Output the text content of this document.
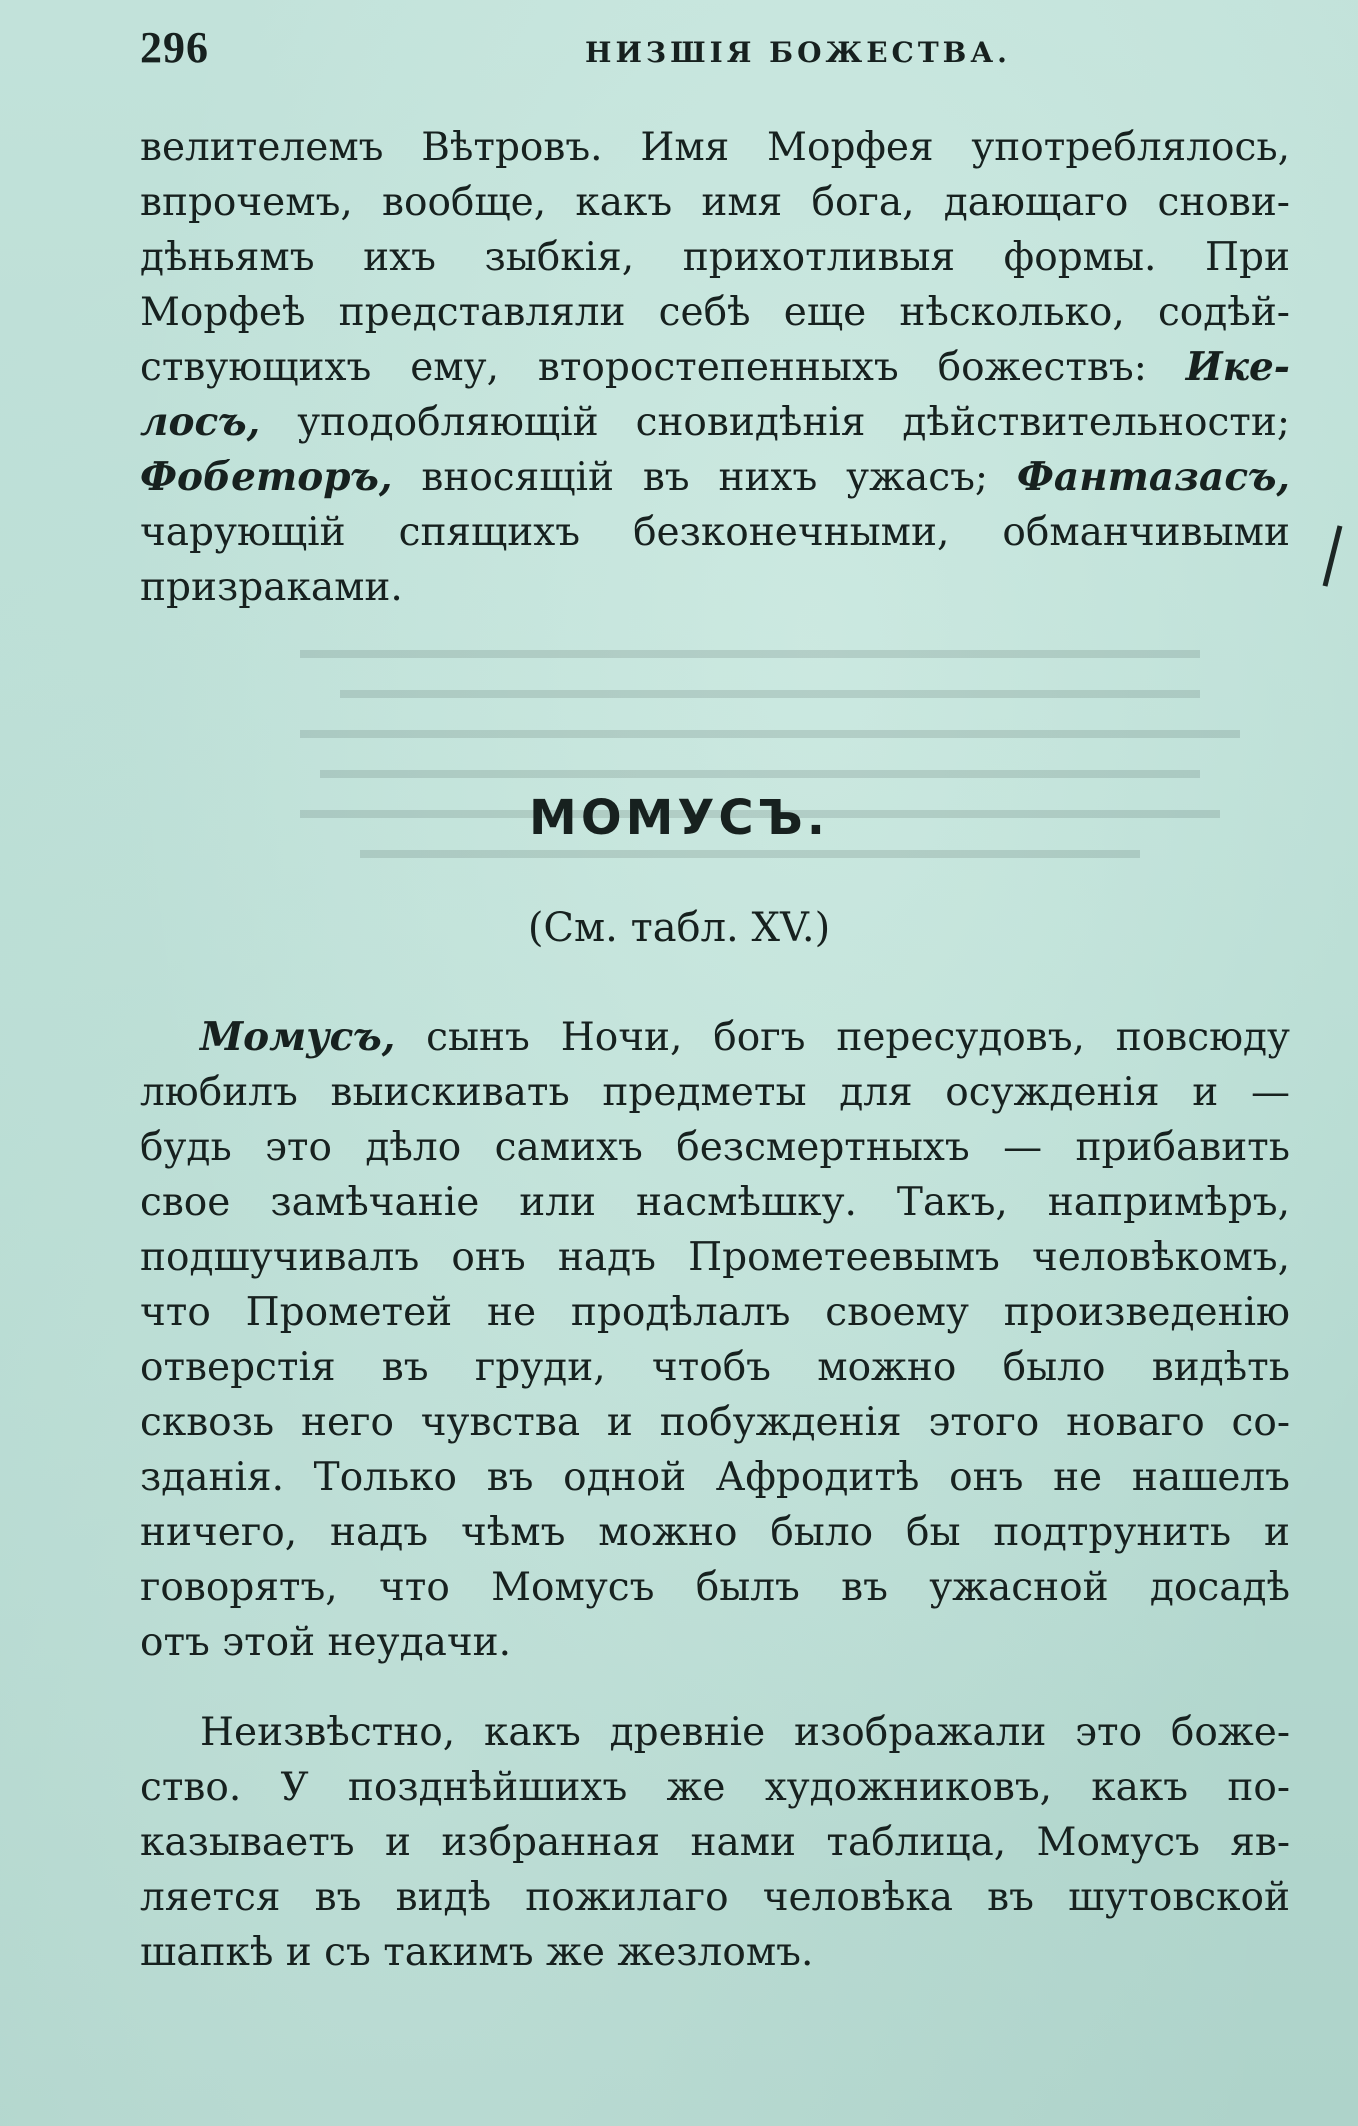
296	НИЗШІЯ БОЖЕСТВА.
велителемъ Вѣтровъ. Имя Морфея употреблялось,
впрочемъ, вообще, какъ имя бога, дающаго снови-
дѣньямъ ихъ зыбкія, прихотливыя формы. При
Морфеѣ представляли себѣ еще нѣсколько, содѣй-
ствующихъ ему, второстепенныхъ божествъ: Ике-
лосъ, уподобляющій сновидѣнія дѣйствительности;
Фобеторъ, вносящій въ нихъ ужасъ; Фантазасъ,
чарующій спящихъ безконечными, обманчивыми
призраками.
МОМУСЪ.
(См. табл. XV.)
Момусъ, сынъ Ночи, богъ пересудовъ, повсюду
любилъ выискивать предметы для осужденія и —
будь это дѣло самихъ безсмертныхъ — прибавить
свое замѣчаніе или насмѣшку. Такъ, напримѣръ,
подшучивалъ онъ надъ Прометеевымъ человѣкомъ,
что Прометей не продѣлалъ своему произведенію
отверстія въ груди, чтобъ можно было видѣть
сквозь него чувства и побужденія этого новаго со-
зданія. Только въ одной Афродитѣ онъ не нашелъ
ничего, надъ чѣмъ можно было бы подтрунить и
говорятъ, что Момусъ былъ въ ужасной досадѣ
отъ этой неудачи.
Неизвѣстно, какъ древніе изображали это боже-
ство. У позднѣйшихъ же художниковъ, какъ по-
казываетъ и избранная нами таблица, Момусъ яв-
ляется въ видѣ пожилаго человѣка въ шутовской
шапкѣ и съ такимъ же жезломъ.
